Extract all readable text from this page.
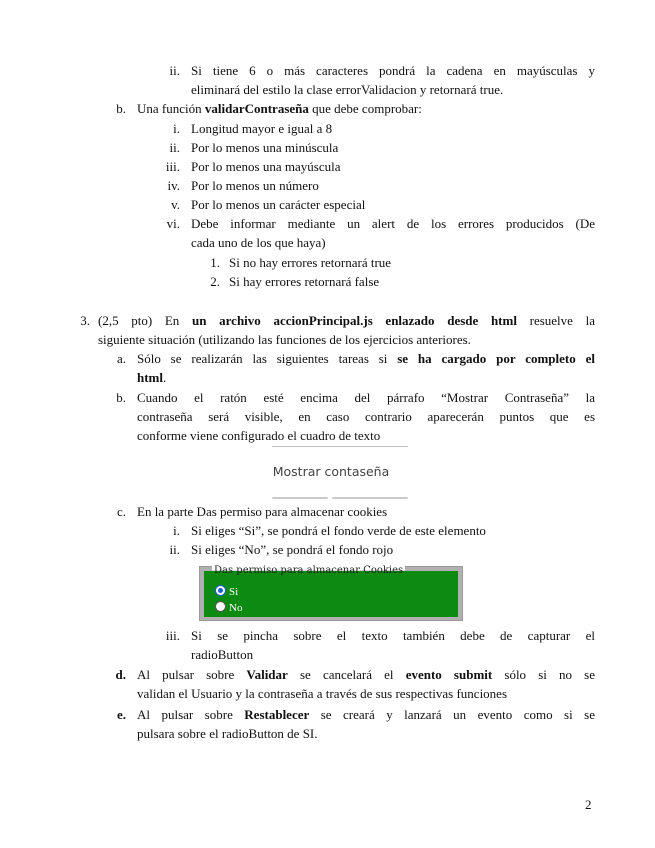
ii. Si tiene 6 o más caracteres pondrá la cadena en mayúsculas y
eliminará del estilo la clase errorValidacion y retornará true.
b. Una función validarContraseña que debe comprobar:
i. Longitud mayor e igual a 8
ii. Por lo menos una minúscula
iii. Por lo menos una mayúscula
iv. Por lo menos un número
v. Por lo menos un carácter especial
vi. Debe informar mediante un alert de los errores producidos (De
cada uno de los que haya)
1. Si no hay errores retornará true
2. Si hay errores retornará false
3. (2,5 pto) En un archivo accionPrincipal.js enlazado desde html resuelve la
siguiente situación (utilizando las funciones de los ejercicios anteriores.
a. Sólo se realizarán las siguientes tareas si se ha cargado por completo el
html.
b. Cuando el ratón esté encima del párrafo “Mostrar Contraseña” la
contraseña será visible, en caso contrario aparecerán puntos que es
conforme viene configurado el cuadro de texto
Mostrar contaseña
c. En la parte Das permiso para almacenar cookies
i. Si eliges “Si”, se pondrá el fondo verde de este elemento
ii. Si eliges “No”, se pondrá el fondo rojo
Si
No
Das permiso para almacenar Cookies
iii. Si se pincha sobre el texto también debe de capturar el
radioButton
d. Al pulsar sobre Validar se cancelará el evento submit sólo si no se
validan el Usuario y la contraseña a través de sus respectivas funciones
e. Al pulsar sobre Restablecer se creará y lanzará un evento como si se
pulsara sobre el radioButton de SI.
2
